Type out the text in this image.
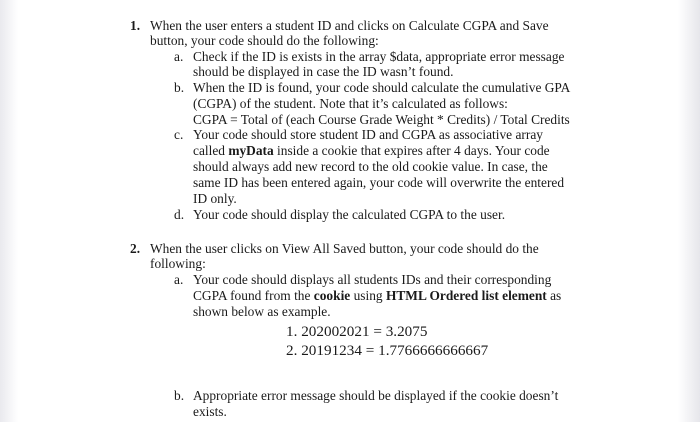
1. When the user enters a student ID and clicks on Calculate CGPA and Save
button, your code should do the following:
a. Check if the ID is exists in the array $data, appropriate error message
should be displayed in case the ID wasn’t found.
b. When the ID is found, your code should calculate the cumulative GPA
(CGPA) of the student. Note that it’s calculated as follows:
CGPA = Total of (each Course Grade Weight * Credits) / Total Credits
c. Your code should store student ID and CGPA as associative array
called myData inside a cookie that expires after 4 days. Your code
should always add new record to the old cookie value. In case, the
same ID has been entered again, your code will overwrite the entered
ID only.
d. Your code should display the calculated CGPA to the user.
2. When the user clicks on View All Saved button, your code should do the
following:
a. Your code should displays all students IDs and their corresponding
CGPA found from the cookie using HTML Ordered list element as
shown below as example.
1. 202002021 = 3.2075
2. 20191234 = 1.7766666666667
b. Appropriate error message should be displayed if the cookie doesn’t
exists.
